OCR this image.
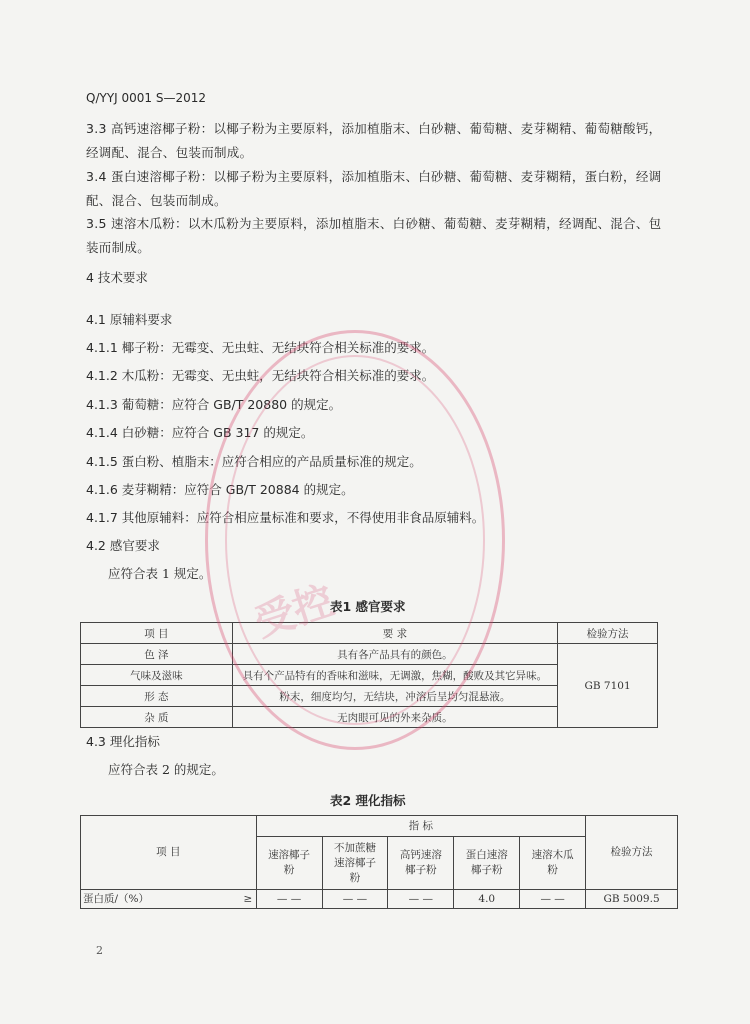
Q/YYJ 0001 S—2012
3.3 高钙速溶椰子粉：以椰子粉为主要原料，添加植脂末、白砂糖、葡萄糖、麦芽糊精、葡萄糖酸钙，经调配、混合、包装而制成。
3.4 蛋白速溶椰子粉：以椰子粉为主要原料，添加植脂末、白砂糖、葡萄糖、麦芽糊精，蛋白粉，经调配、混合、包装而制成。
3.5 速溶木瓜粉：以木瓜粉为主要原料，添加植脂末、白砂糖、葡萄糖、麦芽糊精，经调配、混合、包装而制成。
4 技术要求
4.1 原辅料要求
4.1.1 椰子粉：无霉变、无虫蛀、无结块符合相关标准的要求。
4.1.2 木瓜粉：无霉变、无虫蛀，无结块符合相关标准的要求。
4.1.3 葡萄糖：应符合 GB/T 20880 的规定。
4.1.4 白砂糖：应符合 GB 317 的规定。
4.1.5 蛋白粉、植脂末：应符合相应的产品质量标准的规定。
4.1.6 麦芽糊精：应符合 GB/T 20884 的规定。
4.1.7 其他原辅料：应符合相应量标准和要求，不得使用非食品原辅料。
4.2 感官要求
应符合表 1 规定。
表1 感官要求
项 目	要 求	检验方法
色 泽	具有各产品具有的颜色。	GB 7101
气味及滋味	具有个产品特有的香味和滋味，无调激，焦糊，酸败及其它异味。	
形 态	粉末，细度均匀，无结块，冲溶后呈均匀混悬液。	
杂 质	无肉眼可见的外来杂质。	
4.3 理化指标
应符合表 2 的规定。
表2 理化指标
项 目		指 标					检验方法
		速溶椰子粉	不加蔗糖速溶椰子粉	高钙速溶椰子粉	蛋白速溶椰子粉	速溶木瓜粉	
蛋白质/（%）	≥	— —	— —	— —	4.0	— —	GB 5009.5
2
受控
